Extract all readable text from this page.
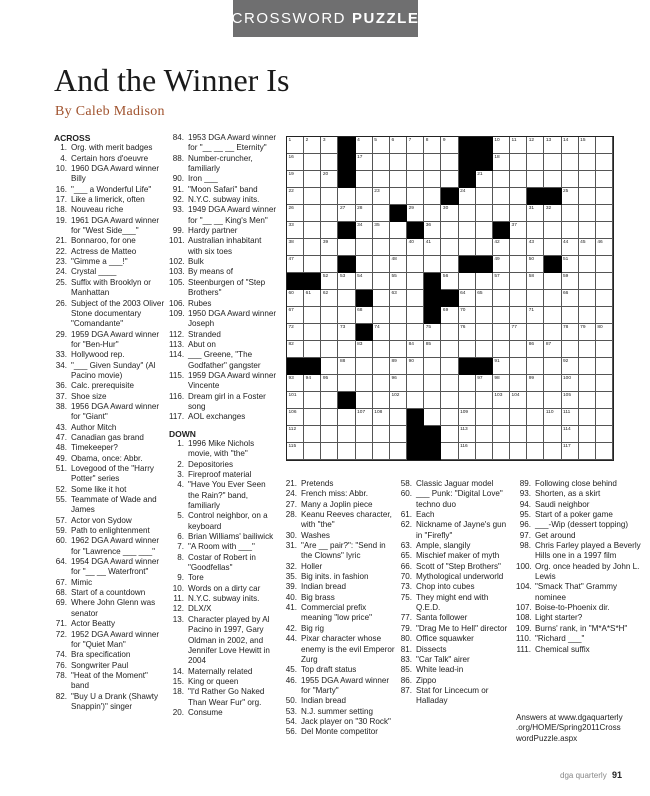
CROSSWORD PUZZLE
And the Winner Is
By Caleb Madison
ACROSS
1. Org. with merit badges
4. Certain hors d'oeuvre
10. 1960 DGA Award winner Billy
16. "___ a Wonderful Life"
17. Like a limerick, often
18. Nouveau riche
19. 1961 DGA Award winner for "West Side___"
21. Bonnaroo, for one
22. Actress de Matteo
23. "Gimme a ___!"
24. Crystal ____
25. Suffix with Brooklyn or Manhattan
26. Subject of the 2003 Oliver Stone documentary "Comandante"
29. 1959 DGA Award winner for "Ben-Hur"
33. Hollywood rep.
34. "___ Given Sunday" (Al Pacino movie)
36. Calc. prerequisite
37. Shoe size
38. 1956 DGA Award winner for "Giant"
43. Author Mitch
47. Canadian gas brand
48. Timekeeper?
49. Obama, once: Abbr.
51. Lovegood of the "Harry Potter" series
52. Some like it hot
55. Teammate of Wade and James
57. Actor von Sydow
59. Path to enlightenment
60. 1962 DGA Award winner for "Lawrence ___ ___"
64. 1954 DGA Award winner for "__ __ Waterfront"
67. Mimic
68. Start of a countdown
69. Where John Glenn was senator
71. Actor Beatty
72. 1952 DGA Award winner for "Quiet Man"
74. Bra specification
76. Songwriter Paul
78. "Heat of the Moment" band
82. "Buy U a Drank (Shawty Snappin')" singer
84. 1953 DGA Award winner for "__ __ __ Eternity"
88. Number-cruncher, familiarly
90. Iron ___
91. "Moon Safari" band
92. N.Y.C. subway inits.
93. 1949 DGA Award winner for "__ __ King's Men"
99. Hardy partner
101. Australian inhabitant with six toes
102. Bulk
103. By means of
105. Steenburgen of "Step Brothers"
106. Rubes
109. 1950 DGA Award winner Joseph
112. Stranded
113. Abut on
114. ___ Greene, "The Godfather" gangster
115. 1959 DGA Award winner Vincente
116. Dream girl in a Foster song
117. AOL exchanges
DOWN
1. 1996 Mike Nichols movie, with "the"
2. Depositories
3. Fireproof material
4. "Have You Ever Seen the Rain?" band, familiarly
5. Control neighbor, on a keyboard
6. Brian Williams' bailiwick
7. "A Room with ___"
8. Costar of Robert in "Goodfellas"
9. Tore
10. Words on a dirty car
11. N.Y.C. subway inits.
12. DLX/X
13. Character played by Al Pacino in 1997, Gary Oldman in 2002, and Jennifer Love Hewitt in 2004
14. Maternally related
15. King or queen
18. "I'd Rather Go Naked Than Wear Fur" org.
20. Consume
21. Pretends
24. French miss: Abbr.
27. Many a Joplin piece
28. Keanu Reeves character, with "the"
30. Washes
31. "Are __ pair?": "Send in the Clowns" lyric
32. Holler
35. Big inits. in fashion
39. Indian bread
40. Big brass
41. Commercial prefix meaning "low price"
42. Big rig
44. Pixar character whose enemy is the evil Emperor Zurg
45. Top draft status
46. 1955 DGA Award winner for "Marty"
50. Indian bread
53. N.J. summer setting
54. Jack player on "30 Rock"
56. Del Monte competitor
58. Classic Jaguar model
60. ___ Punk: "Digital Love" techno duo
61. Each
62. Nickname of Jayne's gun in "Firefly"
63. Ample, slangily
65. Mischief maker of myth
66. Scott of "Step Brothers"
70. Mythological underworld
73. Chop into cubes
75. They might end with Q.E.D.
77. Santa follower
79. "Drag Me to Hell" director
80. Office squawker
81. Dissects
83. "Car Talk" airer
85. White lead-in
86. Zippo
87. Stat for Lincecum or Halladay
89. Following close behind
93. Shorten, as a skirt
94. Saudi neighbor
95. Start of a poker game
96. ___-Wip (dessert topping)
97. Get around
98. Chris Farley played a Beverly Hills one in a 1997 film
100. Org. once headed by John L. Lewis
104. "Smack That" Grammy nominee
107. Boise-to-Phoenix dir.
108. Light starter?
109. Burns' rank, in "M*A*S*H"
110. "Richard ___"
111. Chemical suffix
1	2	3	4	5	6	7	8	9	10 11	12 13 14 15
16	17	18
19	20	21
22	23	24	25
26	27 28	29	30	31 32
33	34 35	36	37
38	39	40 41	42	43	44 45 46
47	48	49	50	51
52 53 54	55	56	57	58	59
60 61 62	63	64 65	66
67	68	69 70	71
72	73	74	75	76	77	78 79 80
82	83	84 85	86 87
88	89 90	91	92
93 94 95	96	97 98	99	100
101	102	103 104	105
106	107 108	109	110 111
112	113	114
115	116	117
Answers at www.dgaquarterly .org/HOME/Spring2011Cross wordPuzzle.aspx
dga quarterly 91
